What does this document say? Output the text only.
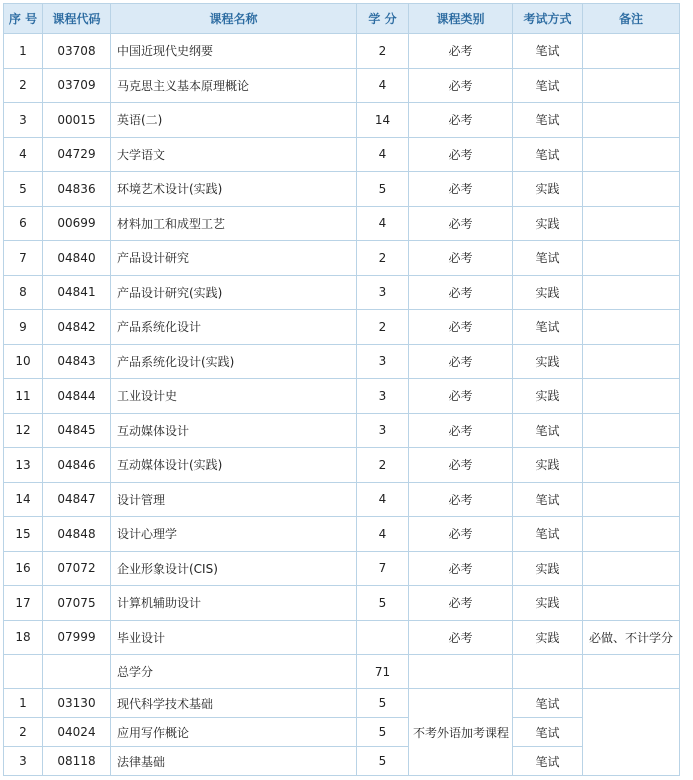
序 号	课程代码	课程名称	学 分	课程类别	考试方式	备注
1	03708	中国近现代史纲要	2	必考	笔试	
2	03709	马克思主义基本原理概论	4	必考	笔试	
3	00015	英语(二)	14	必考	笔试	
4	04729	大学语文	4	必考	笔试	
5	04836	环境艺术设计(实践)	5	必考	实践	
6	00699	材料加工和成型工艺	4	必考	实践	
7	04840	产品设计研究	2	必考	笔试	
8	04841	产品设计研究(实践)	3	必考	实践	
9	04842	产品系统化设计	2	必考	笔试	
10	04843	产品系统化设计(实践)	3	必考	实践	
11	04844	工业设计史	3	必考	实践	
12	04845	互动媒体设计	3	必考	笔试	
13	04846	互动媒体设计(实践)	2	必考	实践	
14	04847	设计管理	4	必考	笔试	
15	04848	设计心理学	4	必考	笔试	
16	07072	企业形象设计(CIS)	7	必考	实践	
17	07075	计算机辅助设计	5	必考	实践	
18	07999	毕业设计		必考	实践	必做、不计学分
		总学分	71			
1	03130	现代科学技术基础	5	不考外语加考课程	笔试	
2	04024	应用写作概论	5		笔试	
3	08118	法律基础	5		笔试	
